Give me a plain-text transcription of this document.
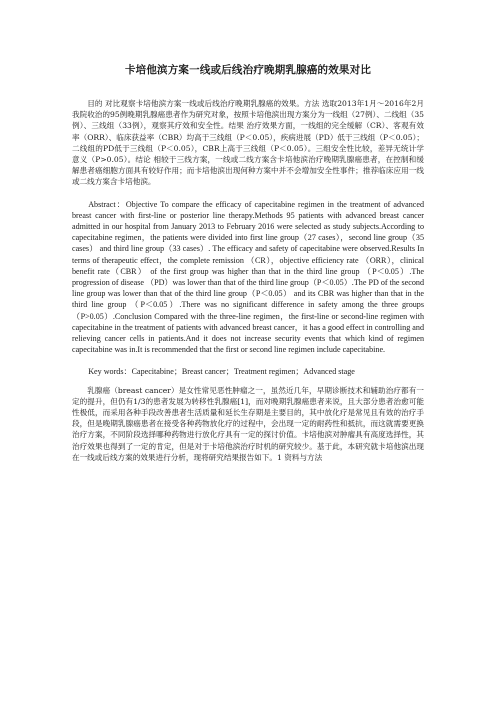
卡培他滨方案一线或后线治疗晚期乳腺癌的效果对比

目的 对比观察卡培他滨方案一线或后线治疗晚期乳腺癌的效果。方法 选取2013年1月～2016年2月我院收治的95例晚期乳腺癌患者作为研究对象，按照卡培他滨出现方案分为一线组（27例）、二线组（35例）、三线组（33例），观察其疗效和安全性。结果 治疗效果方面，一线组的完全缓解（CR）、客观有效率（ORR）、临床获益率（CBR）均高于三线组（P＜0.05），疾病进展（PD）低于三线组（P＜0.05）；二线组的PD低于三线组（P＜0.05），CBR上高于三线组（P＜0.05）。三组安全性比较，差异无统计学意义（P>0.05）。结论 相较于三线方案，一线或二线方案含卡培他滨治疗晚期乳腺癌患者，在控制和缓解患者癌细胞方面具有较好作用；而卡培他滨出现何种方案中并不会增加安全性事件；推荐临床应用一线或二线方案含卡培他滨。

Abstract：Objective To compare the efficacy of capecitabine regimen in the treatment of advanced breast cancer with first-line or posterior line therapy.Methods 95 patients with advanced breast cancer admitted in our hospital from January 2013 to February 2016 were selected as study subjects.According to capecitabine regimen，the patients were divided into first line group（27 cases），second line group（35 cases） and third line group（33 cases）. The efficacy and safety of capecitabine were observed.Results In terms of therapeutic effect，the complete remission （CR），objective efficiency rate （ORR），clinical benefit rate（CBR） of the first group was higher than that in the third line group （P＜0.05）.The progression of disease （PD）was lower than that of the third line group（P＜0.05）.The PD of the second line group was lower than that of the third line group（P＜0.05） and its CBR was higher than that in the third line group （P＜0.05）.There was no significant difference in safety among the three groups（P>0.05）.Conclusion Compared with the three-line regimen，the first-line or second-line regimen with capecitabine in the treatment of patients with advanced breast cancer，it has a good effect in controlling and relieving cancer cells in patients.And it does not increase security events that which kind of regimen capecitabine was in.It is recommended that the first or second line regimen include capecitabine.

Key words：Capecitabine；Breast cancer；Treatment regimen；Advanced stage

乳腺癌（breast cancer）是女性常见恶性肿瘤之一，虽然近几年，早期诊断技术和辅助治疗都有一定的提升，但仍有1/3的患者发展为转移性乳腺癌[1]，而对晚期乳腺癌患者来说，且大部分患者治愈可能性极低，而采用各种手段改善患者生活质量和延长生存期是主要目的，其中放化疗是常见且有效的治疗手段，但是晚期乳腺癌患者在接受各种药物放化疗的过程中，会出现一定的耐药性和抵抗，而这就需要更换治疗方案，不同阶段选择哪种药物进行放化疗具有一定的探讨价值。卡培他滨对肿瘤具有高度选择性，其治疗效果也得到了一定的肯定，但是对于卡培他滨治疗时机的研究较少。基于此，本研究就卡培他滨出现在一线或后线方案的效果进行分析，现将研究结果报告如下。1 资料与方法
